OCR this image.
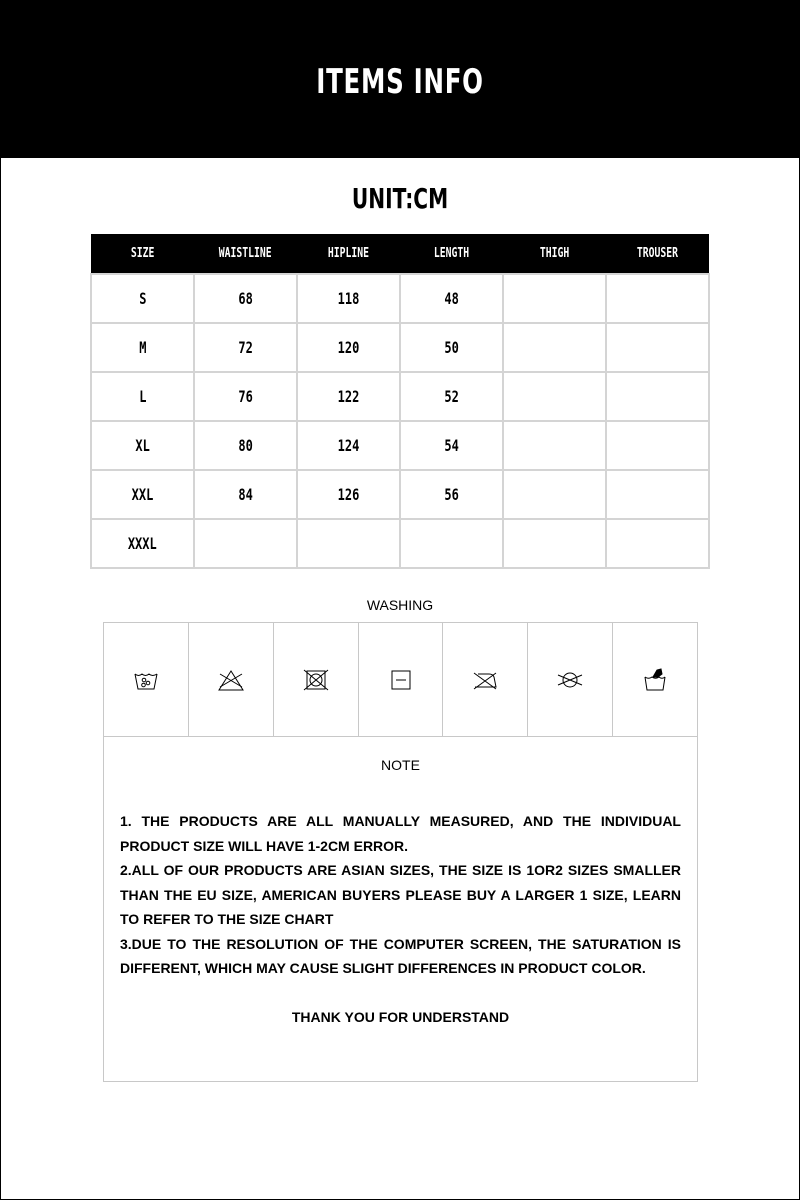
ITEMS INFO
UNIT:CM
SIZE	WAISTLINE	HIPLINE	LENGTH	THIGH	TROUSER
S	68	118	48		
M	72	120	50		
L	76	122	52		
XL	80	124	54		
XXL	84	126	56		
XXXL					
WASHING
NOTE

1. THE PRODUCTS ARE ALL MANUALLY MEASURED, AND THE INDIVIDUAL PRODUCT SIZE WILL HAVE 1-2CM ERROR.

2.ALL OF OUR PRODUCTS ARE ASIAN SIZES, THE SIZE IS 1OR2 SIZES SMALLER THAN THE EU SIZE, AMERICAN BUYERS PLEASE BUY A LARGER 1 SIZE, LEARN TO REFER TO THE SIZE CHART

3.DUE TO THE RESOLUTION OF THE COMPUTER SCREEN, THE SATURATION IS DIFFERENT, WHICH MAY CAUSE SLIGHT DIFFERENCES IN PRODUCT COLOR.

THANK YOU FOR UNDERSTAND
